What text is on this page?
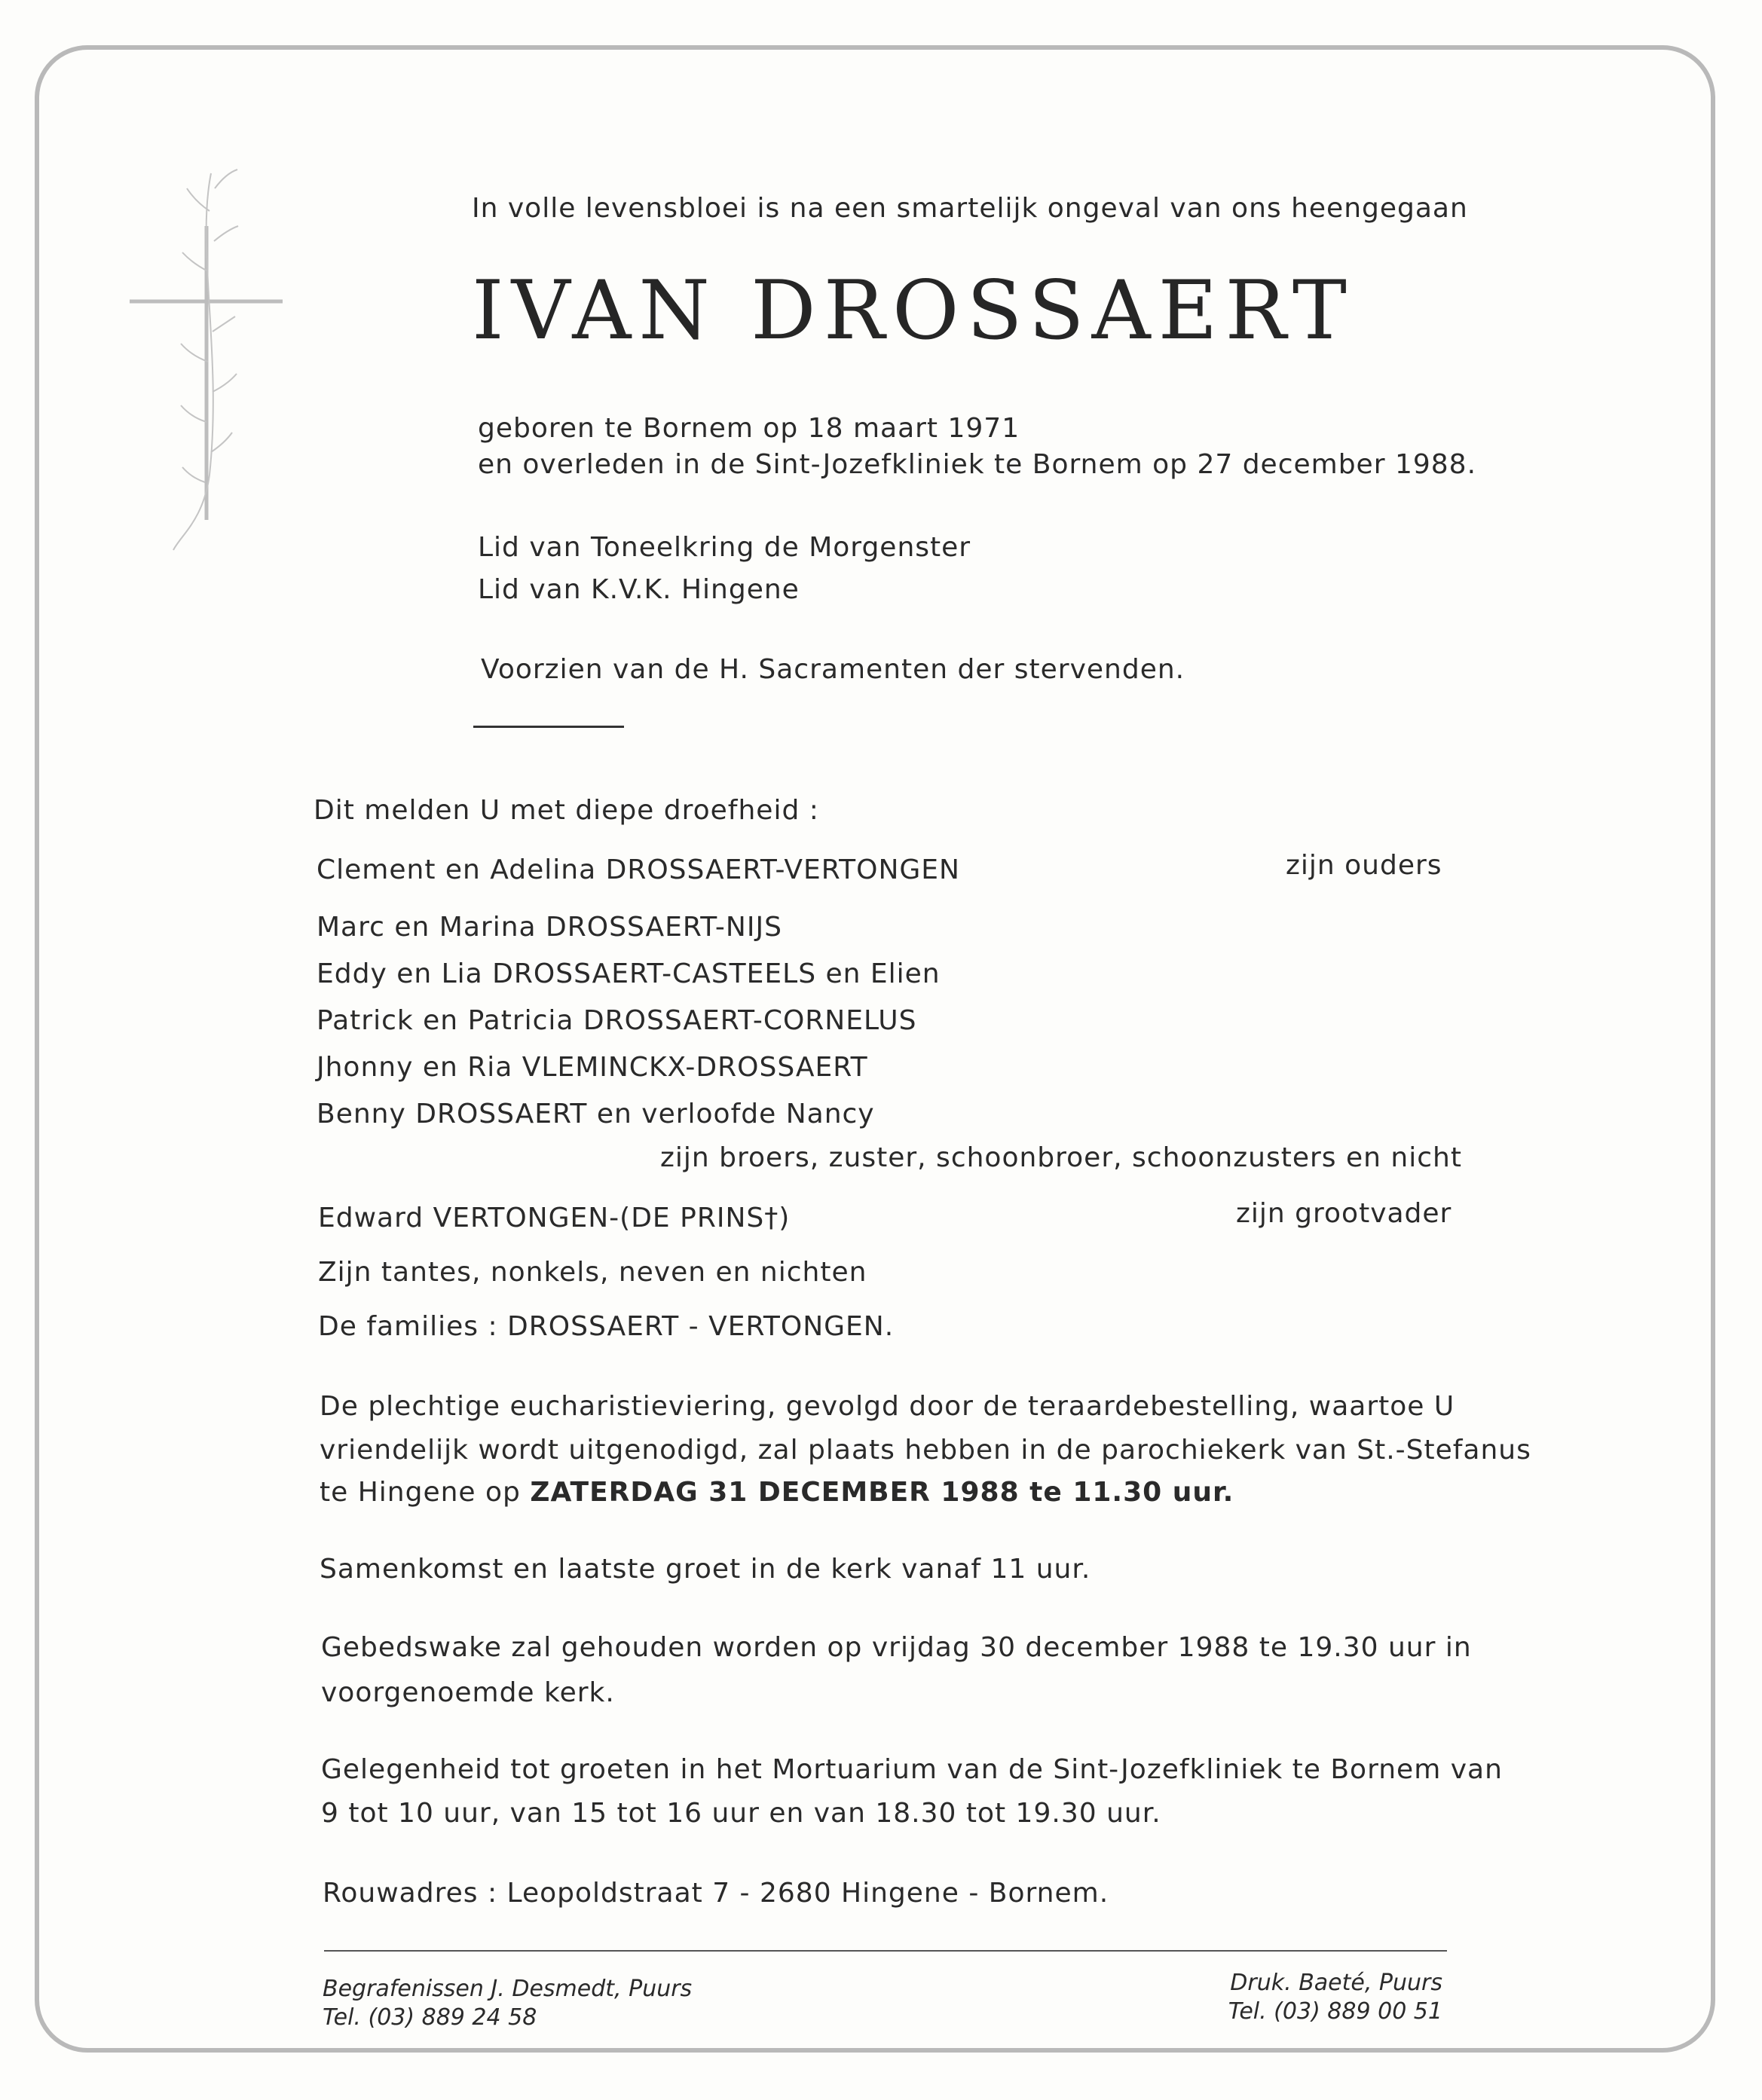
In volle levensbloei is na een smartelijk ongeval van ons heengegaan
IVAN DROSSAERT
geboren te Bornem op 18 maart 1971
en overleden in de Sint-Jozefkliniek te Bornem op 27 december 1988.
Lid van Toneelkring de Morgenster
Lid van K.V.K. Hingene
Voorzien van de H. Sacramenten der stervenden.
Dit melden U met diepe droefheid :
Clement en Adelina DROSSAERT-VERTONGEN	zijn ouders
Marc en Marina DROSSAERT-NIJS
Eddy en Lia DROSSAERT-CASTEELS en Elien
Patrick en Patricia DROSSAERT-CORNELUS
Jhonny en Ria VLEMINCKX-DROSSAERT
Benny DROSSAERT en verloofde Nancy
zijn broers, zuster, schoonbroer, schoonzusters en nicht
Edward VERTONGEN-(DE PRINS†)	zijn grootvader
Zijn tantes, nonkels, neven en nichten
De families : DROSSAERT - VERTONGEN.
De plechtige eucharistieviering, gevolgd door de teraardebestelling, waartoe U
vriendelijk wordt uitgenodigd, zal plaats hebben in de parochiekerk van St.-Stefanus
te Hingene op ZATERDAG 31 DECEMBER 1988 te 11.30 uur.
Samenkomst en laatste groet in de kerk vanaf 11 uur.
Gebedswake zal gehouden worden op vrijdag 30 december 1988 te 19.30 uur in
voorgenoemde kerk.
Gelegenheid tot groeten in het Mortuarium van de Sint-Jozefkliniek te Bornem van
9 tot 10 uur, van 15 tot 16 uur en van 18.30 tot 19.30 uur.
Rouwadres : Leopoldstraat 7 - 2680 Hingene - Bornem.
Begrafenissen J. Desmedt, Puurs
Tel. (03) 889 24 58
Druk. Baeté, Puurs
Tel. (03) 889 00 51
